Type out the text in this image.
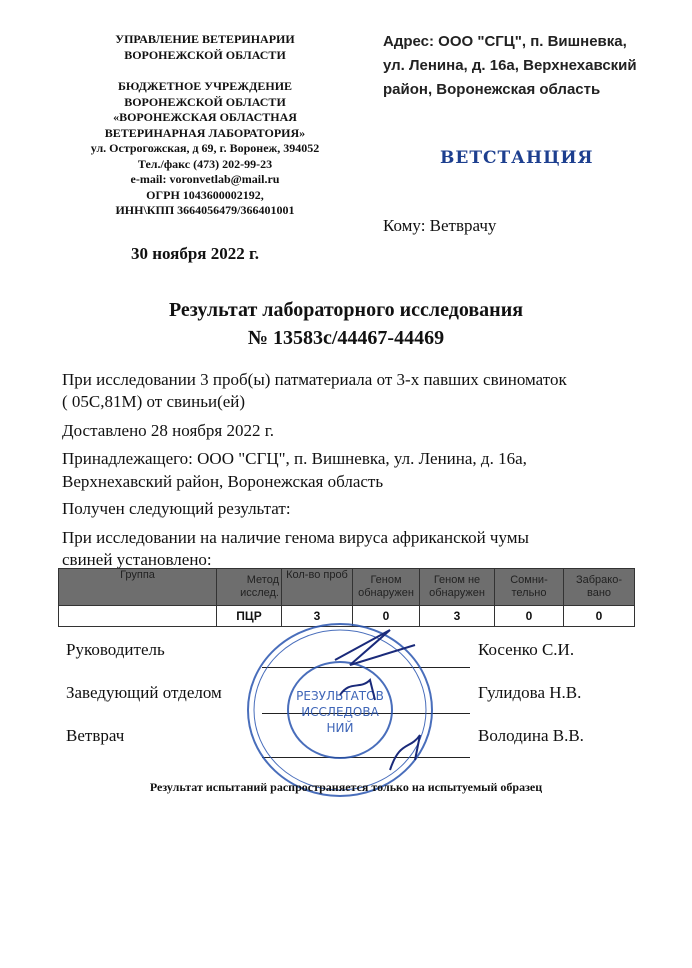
УПРАВЛЕНИЕ ВЕТЕРИНАРИИ
ВОРОНЕЖСКОЙ ОБЛАСТИ
БЮДЖЕТНОЕ УЧРЕЖДЕНИЕ
ВОРОНЕЖСКОЙ ОБЛАСТИ
«ВОРОНЕЖСКАЯ ОБЛАСТНАЯ
ВЕТЕРИНАРНАЯ ЛАБОРАТОРИЯ»
ул. Острогожская, д 69, г. Воронеж, 394052
Тел./факс (473) 202-99-23
e-mail: voronvetlab@mail.ru
ОГРН 1043600002192,
ИНН\КПП 3664056479/366401001
30 ноября 2022 г.
Адрес: ООО "СГЦ", п. Вишневка,
ул. Ленина, д. 16а, Верхнехавский
район, Воронежская область
ВЕТСТАНЦИЯ
Кому: Ветврачу
Результат лабораторного исследования
№ 13583с/44467-44469
При исследовании 3 проб(ы) патматериала от 3-х павших свиноматок
( 05С,81М) от свиньи(ей)
Доставлено 28 ноября 2022 г.
Принадлежащего: ООО "СГЦ", п. Вишневка, ул. Ленина, д. 16а,
Верхнехавский район, Воронежская область
Получен следующий результат:
При исследовании на наличие генома вируса африканской чумы
свиней установлено:
Группа	Метод исслед.	Кол-во проб	Геном обнаружен	Геном не обнаружен	Сомни-тельно	Забрако-вано
	ПЦР	3	0	3	0	0
Руководитель	Косенко С.И.
Заведующий отделом	Гулидова Н.В.
Ветврач	Володина В.В.
РЕЗУЛЬТАТОВ
ИССЛЕДОВА
НИЙ
Результат испытаний распространяется только на испытуемый образец
